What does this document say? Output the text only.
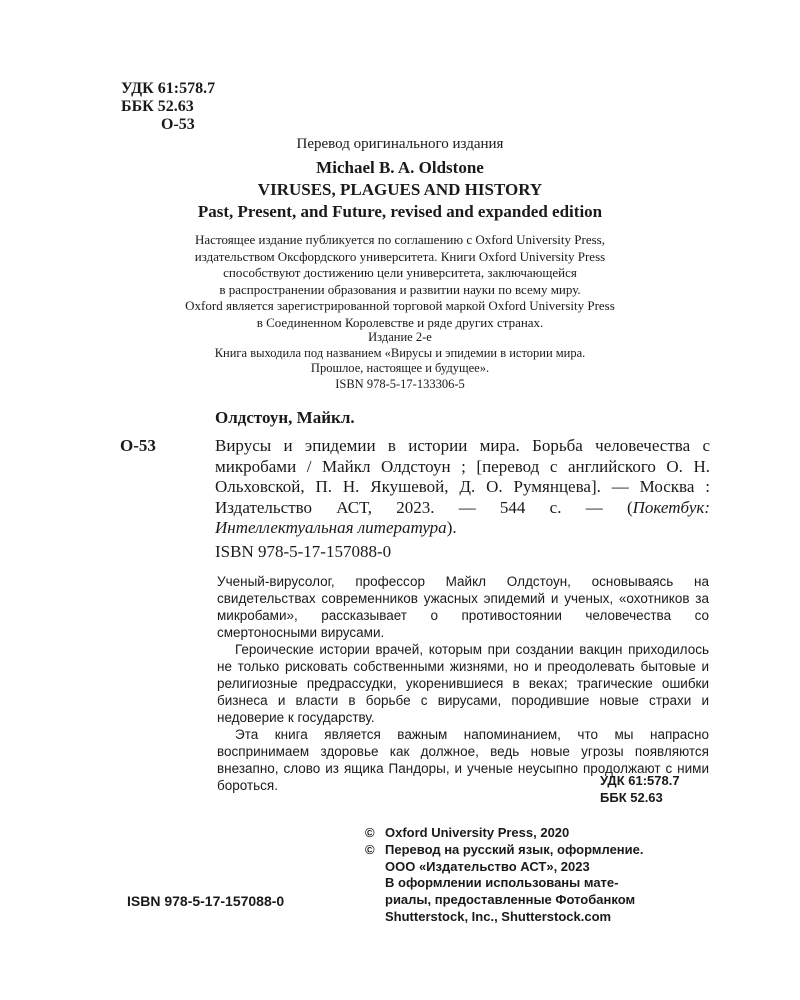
УДК 61:578.7
ББК 52.63
О-53
Перевод оригинального издания
Michael B. A. Oldstone
VIRUSES, PLAGUES AND HISTORY
Past, Present, and Future, revised and expanded edition
Настоящее издание публикуется по соглашению с Oxford University Press,
издательством Оксфордского университета. Книги Oxford University Press
способствуют достижению цели университета, заключающейся
в распространении образования и развитии науки по всему миру.
Oxford является зарегистрированной торговой маркой Oxford University Press
в Соединенном Королевстве и ряде других странах.
Издание 2-е
Книга выходила под названием «Вирусы и эпидемии в истории мира.
Прошлое, настоящее и будущее».
ISBN 978-5-17-133306-5
Олдстоун, Майкл.
О-53	Вирусы и эпидемии в истории мира. Борьба человечества с микробами / Майкл Олдстоун ; [перевод с английского О. Н. Ольховской, П. Н. Якушевой, Д. О. Румянцева]. — Москва : Издательство АСТ, 2023. — 544 с. — (Покетбук: Интеллектуальная литература).
ISBN 978-5-17-157088-0

Ученый-вирусолог, профессор Майкл Олдстоун, основываясь на свидетельствах современников ужасных эпидемий и ученых, «охотников за микробами», рассказывает о противостоянии человечества со смертоносными вирусами.

Героические истории врачей, которым при создании вакцин приходилось не только рисковать собственными жизнями, но и преодолевать бытовые и религиозные предрассудки, укоренившиеся в веках; трагические ошибки бизнеса и власти в борьбе с вирусами, породившие новые страхи и недоверие к государству.

Эта книга является важным напоминанием, что мы напрасно воспринимаем здоровье как должное, ведь новые угрозы появляются внезапно, слово из ящика Пандоры, и ученые неусыпно продолжают с ними бороться.	УДК 61:578.7
ББК 52.63
© Oxford University Press, 2020
© Перевод на русский язык, оформление.
ООО «Издательство АСТ», 2023
В оформлении использованы мате-
риалы, предоставленные Фотобанком
Shutterstock, Inc., Shutterstock.com
ISBN 978-5-17-157088-0
